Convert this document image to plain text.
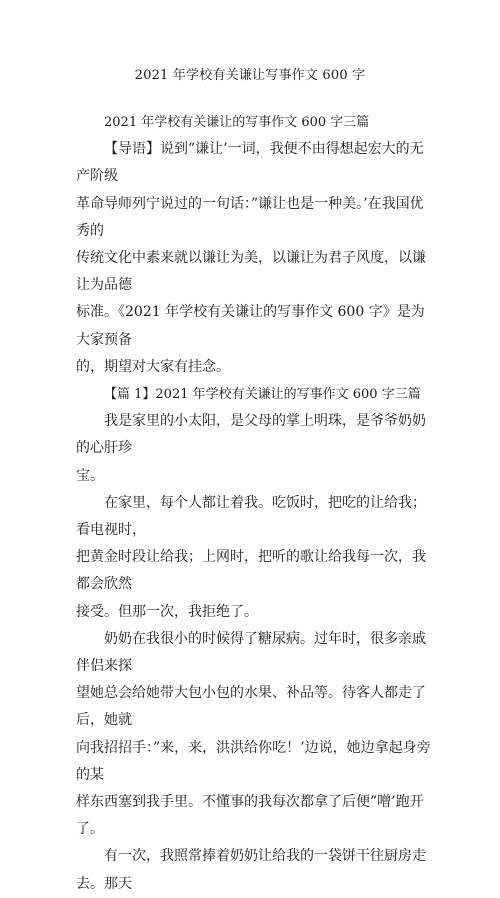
2021 年学校有关谦让写事作文 600 字

2021 年学校有关谦让的写事作文 600 字三篇

【导语】说到”谦让’一词，我便不由得想起宏大的无产阶级
革命导师列宁说过的一句话：”谦让也是一种美。’在我国优秀的
传统文化中素来就以谦让为美，以谦让为君子风度，以谦让为品德
标准。《2021 年学校有关谦让的写事作文 600 字》是为大家预备
的，期望对大家有挂念。

【篇 1】2021 年学校有关谦让的写事作文 600 字三篇

我是家里的小太阳，是父母的掌上明珠，是爷爷奶奶的心肝珍
宝。

在家里，每个人都让着我。吃饭时，把吃的让给我；看电视时，
把黄金时段让给我；上网时，把听的歌让给我每一次，我都会欣然
接受。但那一次，我拒绝了。

奶奶在我很小的时候得了糖尿病。过年时，很多亲戚伴侣来探
望她总会给她带大包小包的水果、补品等。待客人都走了后，她就
向我招招手：”来，来，洪洪给你吃！’边说，她边拿起身旁的某
样东西塞到我手里。不懂事的我每次都拿了后便”噌’跑开了。

有一次，我照常捧着奶奶让给我的一袋饼干往厨房走去。那天
